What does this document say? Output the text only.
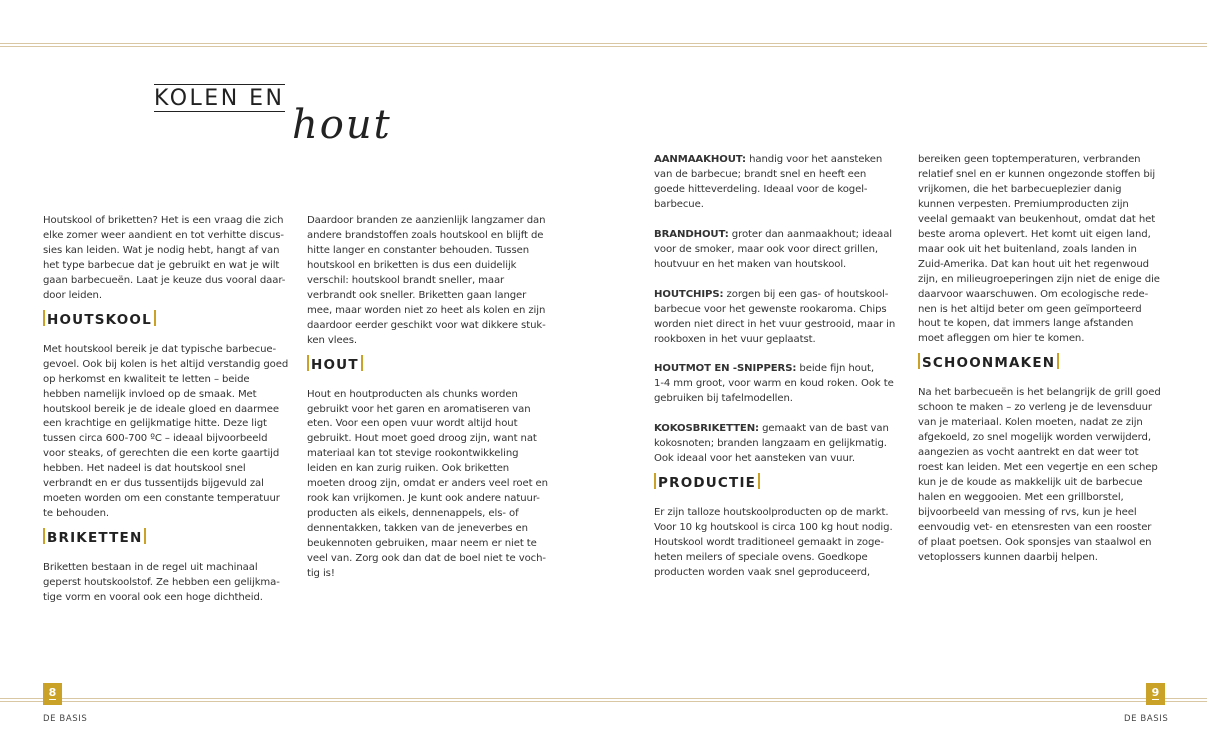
KOLEN EN
hout

Houtskool of briketten? Het is een vraag die zich

elke zomer weer aandient en tot verhitte discus-

sies kan leiden. Wat je nodig hebt, hangt af van

het type barbecue dat je gebruikt en wat je wilt

gaan barbecueën. Laat je keuze dus vooral daar-

door leiden.

HOUTSKOOL

Met houtskool bereik je dat typische barbecue-

gevoel. Ook bij kolen is het altijd verstandig goed

op herkomst en kwaliteit te letten – beide

hebben namelijk invloed op de smaak. Met

houtskool bereik je de ideale gloed en daarmee

een krachtige en gelijkmatige hitte. Deze ligt

tussen circa 600-700 ºC – ideaal bijvoorbeeld

voor steaks, of gerechten die een korte gaartijd

hebben. Het nadeel is dat houtskool snel

verbrandt en er dus tussentijds bijgevuld zal

moeten worden om een constante temperatuur

te behouden.

BRIKETTEN

Briketten bestaan in de regel uit machinaal

geperst houtskoolstof. Ze hebben een gelijkma-

tige vorm en vooral ook een hoge dichtheid.

Daardoor branden ze aanzienlijk langzamer dan

andere brandstoffen zoals houtskool en blijft de

hitte langer en constanter behouden. Tussen

houtskool en briketten is dus een duidelijk

verschil: houtskool brandt sneller, maar

verbrandt ook sneller. Briketten gaan langer

mee, maar worden niet zo heet als kolen en zijn

daardoor eerder geschikt voor wat dikkere stuk-

ken vlees.

HOUT

Hout en houtproducten als chunks worden

gebruikt voor het garen en aromatiseren van

eten. Voor een open vuur wordt altijd hout

gebruikt. Hout moet goed droog zijn, want nat

materiaal kan tot stevige rookontwikkeling

leiden en kan zurig ruiken. Ook briketten

moeten droog zijn, omdat er anders veel roet en

rook kan vrijkomen. Je kunt ook andere natuur-

producten als eikels, dennenappels, els- of

dennentakken, takken van de jeneverbes en

beukennoten gebruiken, maar neem er niet te

veel van. Zorg ook dan dat de boel niet te voch-

tig is!

AANMAAKHOUT: handig voor het aansteken

van de barbecue; brandt snel en heeft een

goede hitteverdeling. Ideaal voor de kogel-

barbecue.

BRANDHOUT: groter dan aanmaakhout; ideaal

voor de smoker, maar ook voor direct grillen,

houtvuur en het maken van houtskool.

HOUTCHIPS: zorgen bij een gas- of houtskool-

barbecue voor het gewenste rookaroma. Chips

worden niet direct in het vuur gestrooid, maar in

rookboxen in het vuur geplaatst.

HOUTMOT EN -SNIPPERS: beide fijn hout,

1-4 mm groot, voor warm en koud roken. Ook te

gebruiken bij tafelmodellen.

KOKOSBRIKETTEN: gemaakt van de bast van

kokosnoten; branden langzaam en gelijkmatig.

Ook ideaal voor het aansteken van vuur.

PRODUCTIE

Er zijn talloze houtskoolproducten op de markt.

Voor 10 kg houtskool is circa 100 kg hout nodig.

Houtskool wordt traditioneel gemaakt in zoge-

heten meilers of speciale ovens. Goedkope

producten worden vaak snel geproduceerd,

bereiken geen toptemperaturen, verbranden

relatief snel en er kunnen ongezonde stoffen bij

vrijkomen, die het barbecueplezier danig

kunnen verpesten. Premiumproducten zijn

veelal gemaakt van beukenhout, omdat dat het

beste aroma oplevert. Het komt uit eigen land,

maar ook uit het buitenland, zoals landen in

Zuid-Amerika. Dat kan hout uit het regenwoud

zijn, en milieugroeperingen zijn niet de enige die

daarvoor waarschuwen. Om ecologische rede-

nen is het altijd beter om geen geïmporteerd

hout te kopen, dat immers lange afstanden

moet afleggen om hier te komen.

SCHOONMAKEN

Na het barbecueën is het belangrijk de grill goed

schoon te maken – zo verleng je de levensduur

van je materiaal. Kolen moeten, nadat ze zijn

afgekoeld, zo snel mogelijk worden verwijderd,

aangezien as vocht aantrekt en dat weer tot

roest kan leiden. Met een vegertje en een schep

kun je de koude as makkelijk uit de barbecue

halen en weggooien. Met een grillborstel,

bijvoorbeeld van messing of rvs, kun je heel

eenvoudig vet- en etensresten van een rooster

of plaat poetsen. Ook sponsjes van staalwol en

vetoplossers kunnen daarbij helpen.

8
DE BASIS
9
DE BASIS
